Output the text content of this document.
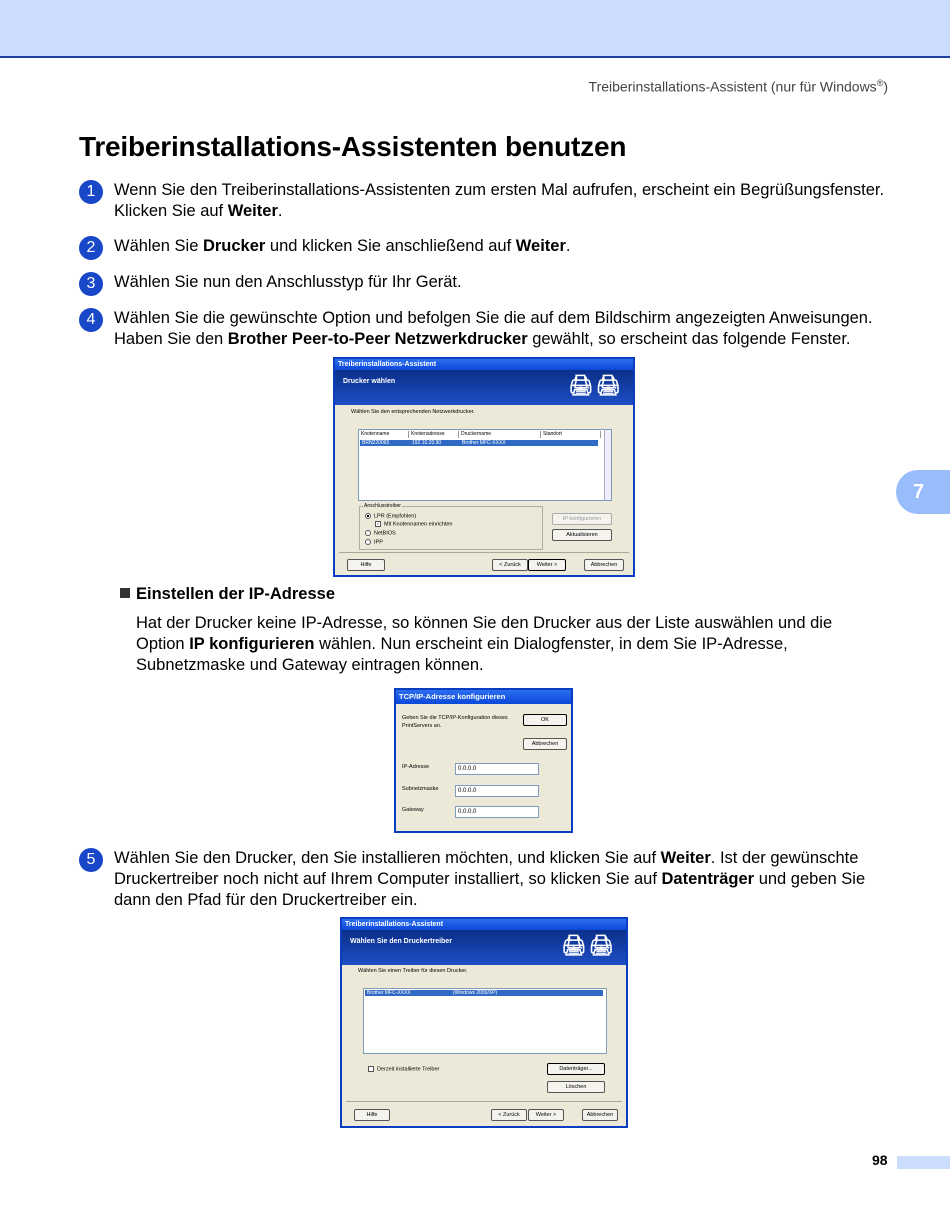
Treiberinstallations-Assistent (nur für Windows®)
7
Treiberinstallations-Assistenten benutzen
1	Wenn Sie den Treiberinstallations-Assistenten zum ersten Mal aufrufen, erscheint ein Begrüßungsfenster. Klicken Sie auf Weiter.

2	Wählen Sie Drucker und klicken Sie anschließend auf Weiter.

3	Wählen Sie nun den Anschlusstyp für Ihr Gerät.

4	Wählen Sie die gewünschte Option und befolgen Sie die auf dem Bildschirm angezeigten Anweisungen. Haben Sie den Brother Peer-to-Peer Netzwerkdrucker gewählt, so erscheint das folgende Fenster.

Treiberinstallations-Assistent
Drucker wählen	🖨🖨
Wählen Sie den entsprechenden Netzwerkdrucker.
Knotenname	Knotenadresse	Druckername	Standort
BRN220065	192.10.20.90	Brother MFC-XXXX
Anschlusstreiber
LPR (Empfohlen)
✓ Mit Knotennamen einrichten
NetBIOS
IPP
IP konfigurieren
Aktualisieren
Hilfe	< Zurück	Weiter >	Abbrechen
Einstellen der IP-Adresse

Hat der Drucker keine IP-Adresse, so können Sie den Drucker aus der Liste auswählen und die Option IP konfigurieren wählen. Nun erscheint ein Dialogfenster, in dem Sie IP-Adresse, Subnetzmaske und Gateway eintragen können.

TCP/IP-Adresse konfigurieren
Geben Sie die TCP/IP-Konfiguration dieses PrintServers an.
OK
Abbrechen
IP-Adresse	0.0.0.0
Subnetzmaske	0.0.0.0
Gateway	0.0.0.0
5	Wählen Sie den Drucker, den Sie installieren möchten, und klicken Sie auf Weiter. Ist der gewünschte Druckertreiber noch nicht auf Ihrem Computer installiert, so klicken Sie auf Datenträger und geben Sie dann den Pfad für den Druckertreiber ein.

Treiberinstallations-Assistent
Wählen Sie den Druckertreiber	🖨🖨
Wählen Sie einen Treiber für diesen Drucker.
Brother MFC-XXXX	(Windows 2000/XP)
Derzeit installierte Treiber	Datenträger...
Löschen
Hilfe	< Zurück	Weiter >	Abbrechen
98
